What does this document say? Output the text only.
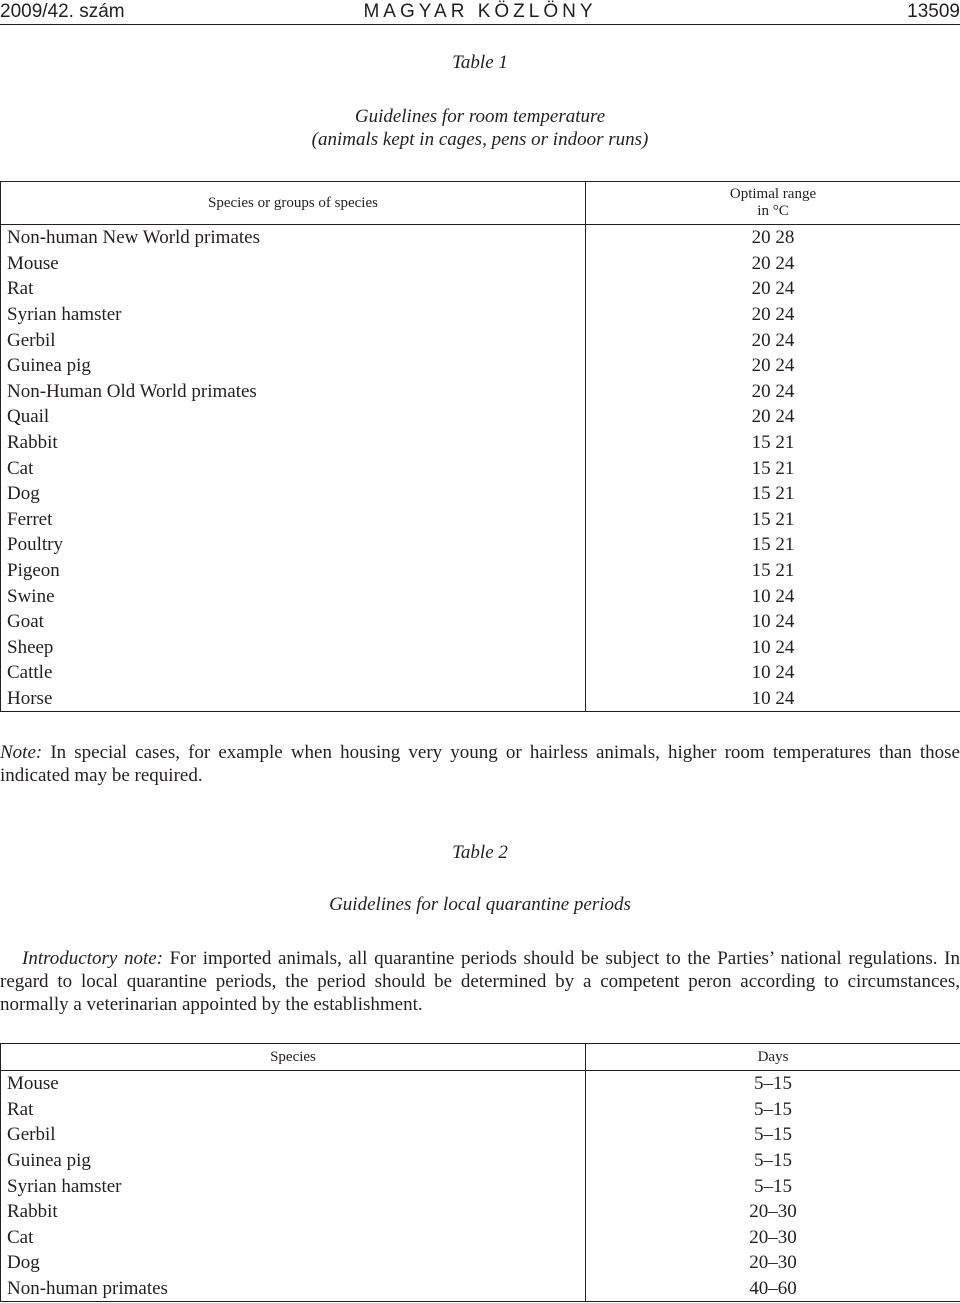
2009/42. szám	MAGYAR KÖZLÖNY	13509
Table 1
Guidelines for room temperature
(animals kept in cages, pens or indoor runs)
Species or groups of species	Optimal range
in °C

Non-human New World primates	20 28
Mouse	20 24
Rat	20 24
Syrian hamster	20 24
Gerbil	20 24
Guinea pig	20 24
Non-Human Old World primates	20 24
Quail	20 24
Rabbit	15 21
Cat	15 21
Dog	15 21
Ferret	15 21
Poultry	15 21
Pigeon	15 21
Swine	10 24
Goat	10 24
Sheep	10 24
Cattle	10 24
Horse	10 24
Note: In special cases, for example when housing very young or hairless animals, higher room temperatures than those indicated may be required.
Table 2
Guidelines for local quarantine periods
Introductory note: For imported animals, all quarantine periods should be subject to the Parties’ national regulations. In regard to local quarantine periods, the period should be determined by a competent peron according to circumstances, normally a veterinarian appointed by the establishment.
Species	Days
Mouse	5–15
Rat	5–15
Gerbil	5–15
Guinea pig	5–15
Syrian hamster	5–15
Rabbit	20–30
Cat	20–30
Dog	20–30
Non-human primates	40–60
